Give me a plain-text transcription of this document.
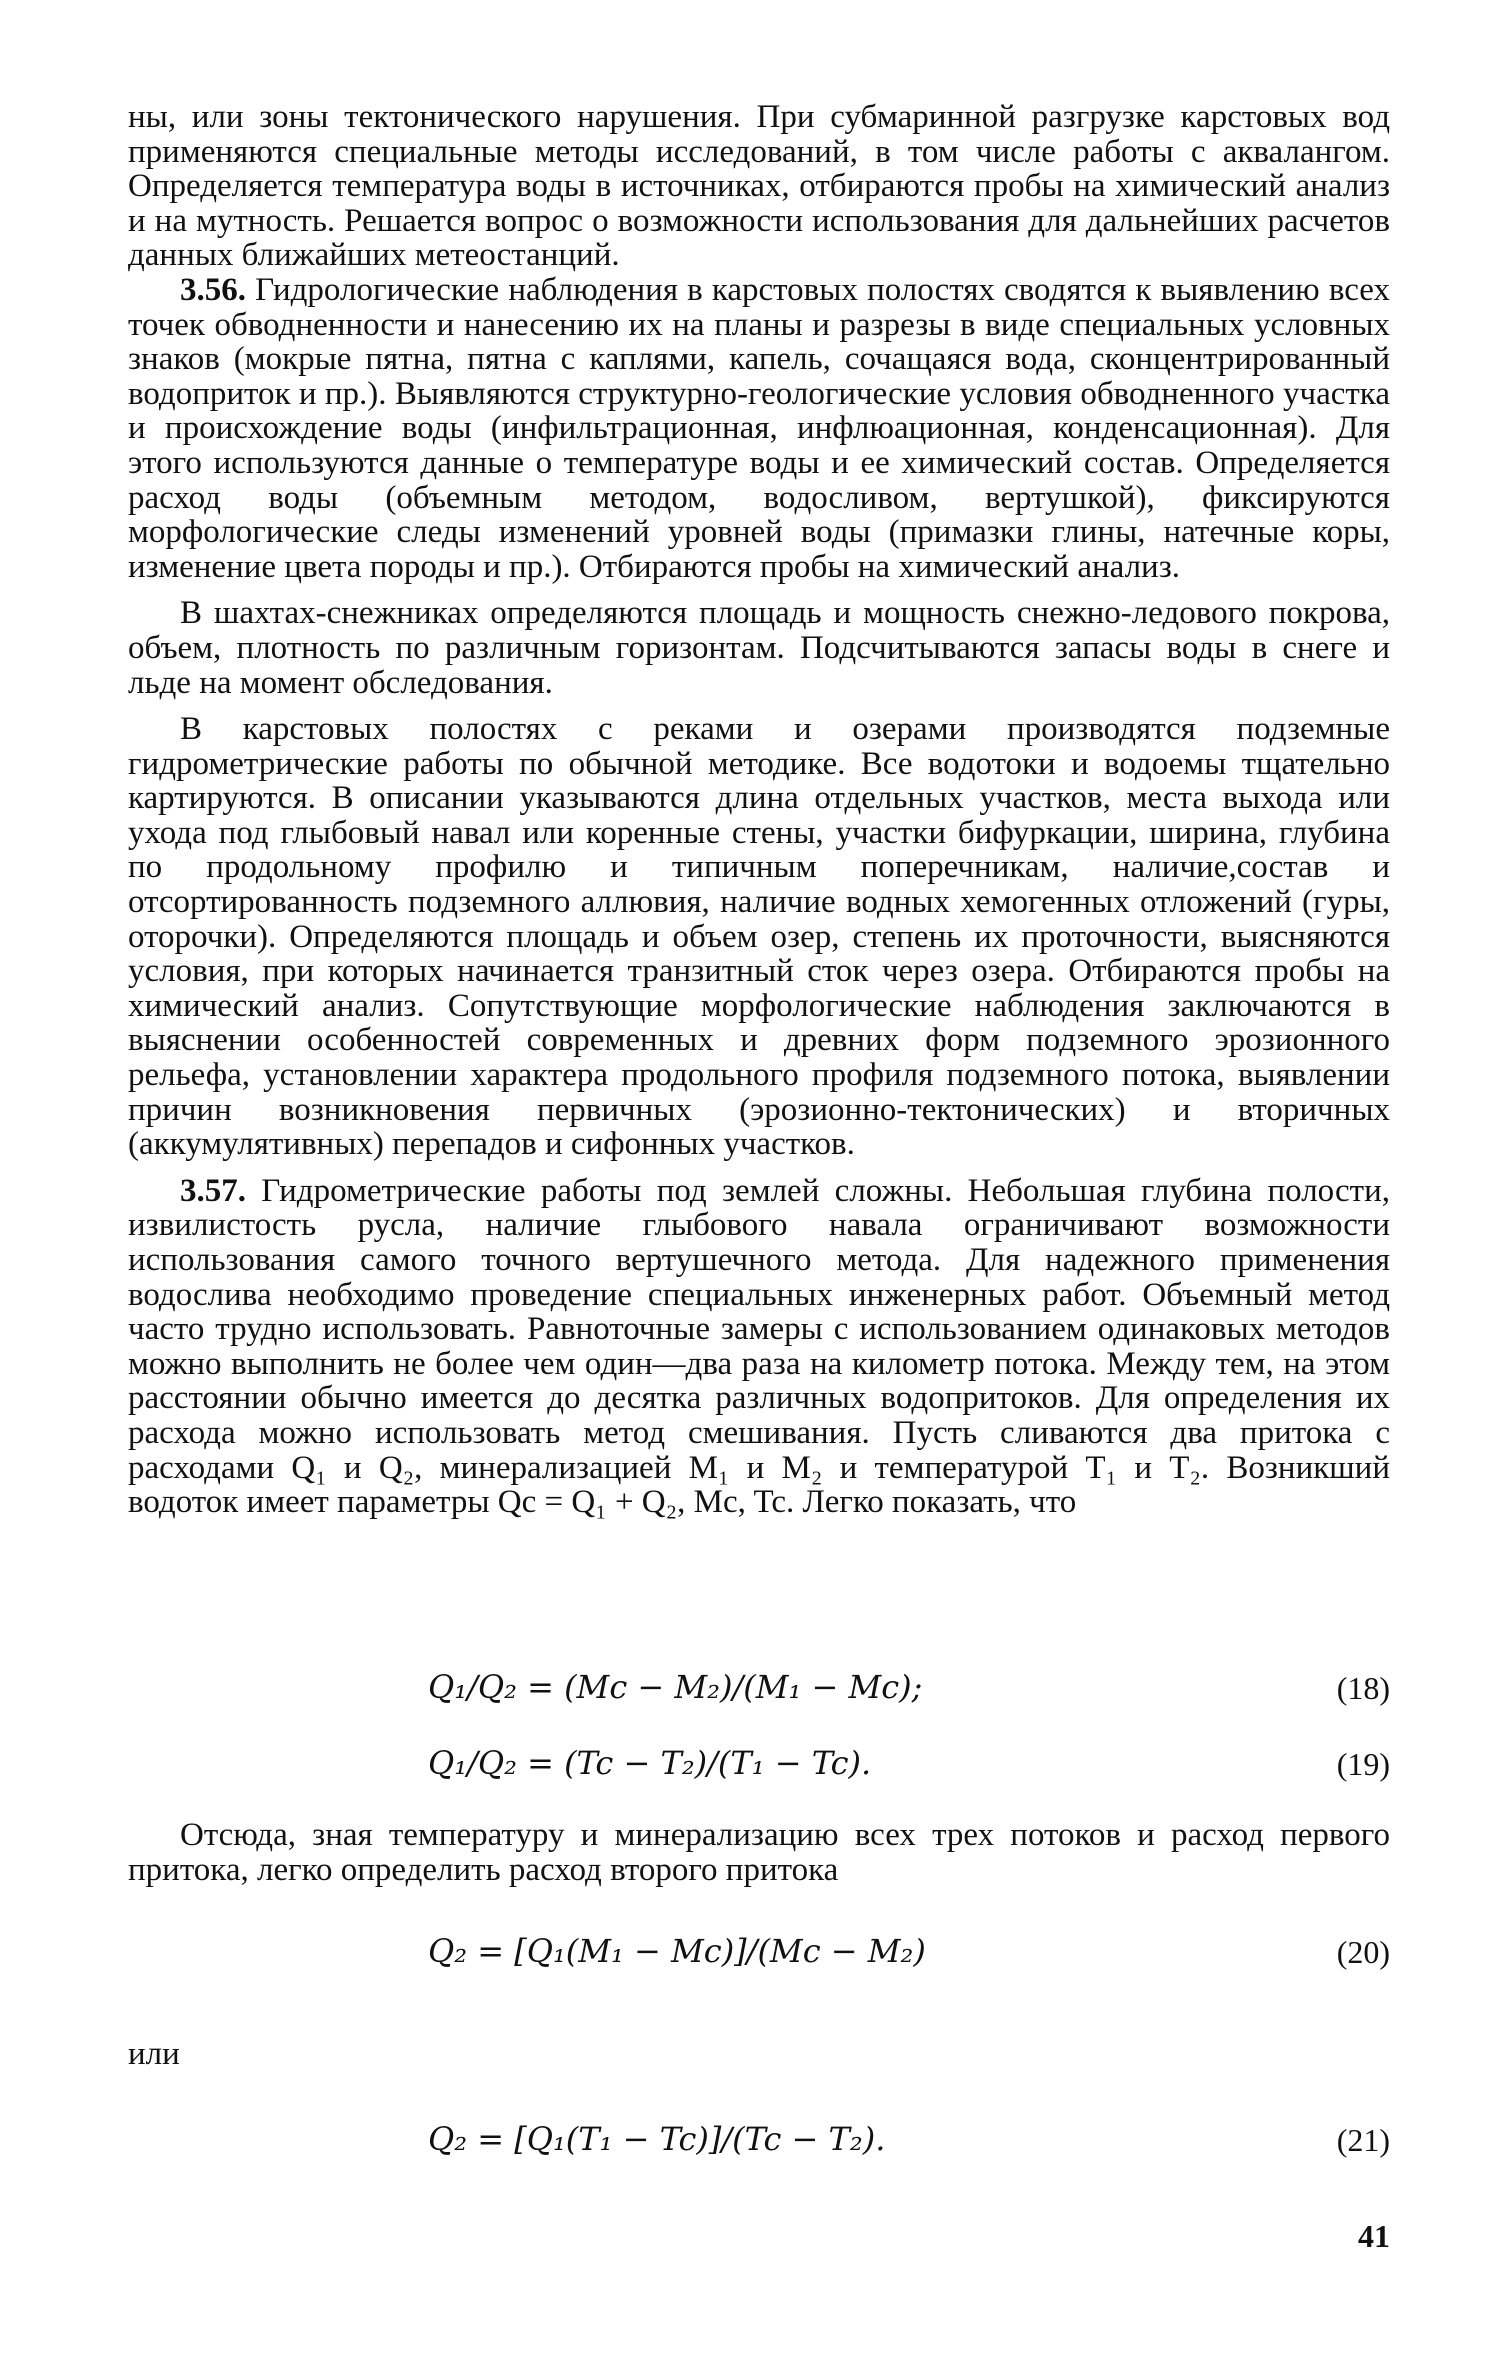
ны, или зоны тектонического нарушения. При субмаринной разгрузке карстовых вод применяются специальные методы исследований, в том числе работы с аквалангом. Определяется температура воды в источниках, отбираются пробы на химический анализ и на мутность. Решается вопрос о возможности использования для дальнейших расчетов данных ближайших метеостанций.

3.56. Гидрологические наблюдения в карстовых полостях сводятся к выявлению всех точек обводненности и нанесению их на планы и разрезы в виде специальных условных знаков (мокрые пятна, пятна с каплями, капель, сочащаяся вода, сконцентрированный водоприток и пр.). Выявляются структурно-геологические условия обводненного участка и происхождение воды (инфильтрационная, инфлюационная, конденсационная). Для этого используются данные о температуре воды и ее химический состав. Определяется расход воды (объемным методом, водосливом, вертушкой), фиксируются морфологические следы изменений уровней воды (примазки глины, натечные коры, изменение цвета породы и пр.). Отбираются пробы на химический анализ.

В шахтах-снежниках определяются площадь и мощность снежно-ледового покрова, объем, плотность по различным горизонтам. Подсчитываются запасы воды в снеге и льде на момент обследования.

В карстовых полостях с реками и озерами производятся подземные гидрометрические работы по обычной методике. Все водотоки и водоемы тщательно картируются. В описании указываются длина отдельных участков, места выхода или ухода под глыбовый навал или коренные стены, участки бифуркации, ширина, глубина по продольному профилю и типичным поперечникам, наличие,состав и отсортированность подземного аллювия, наличие водных хемогенных отложений (гуры, оторочки). Определяются площадь и объем озер, степень их проточности, выясняются условия, при которых начинается транзитный сток через озера. Отбираются пробы на химический анализ. Сопутствующие морфологические наблюдения заключаются в выяснении особенностей современных и древних форм подземного эрозионного рельефа, установлении характера продольного профиля подземного потока, выявлении причин возникновения первичных (эрозионно-тектонических) и вторичных (аккумулятивных) перепадов и сифонных участков.

3.57. Гидрометрические работы под землей сложны. Небольшая глубина полости, извилистость русла, наличие глыбового навала ограничивают возможности использования самого точного вертушечного метода. Для надежного применения водослива необходимо проведение специальных инженерных работ. Объемный метод часто трудно использовать. Равноточные замеры с использованием одинаковых методов можно выполнить не более чем один—два раза на километр потока. Между тем, на этом расстоянии обычно имеется до десятка различных водопритоков. Для определения их расхода можно использовать метод смешивания. Пусть сливаются два притока с расходами Q₁ и Q₂, минерализацией M₁ и M₂ и температурой T₁ и T₂. Возникший водоток имеет параметры Qc = Q₁ + Q₂, Mc, Tc. Легко показать, что

Q₁/Q₂ = (Mc − M₂)/(M₁ − Mc);	(18)
Q₁/Q₂ = (Tc − T₂)/(T₁ − Tc).	(19)

Отсюда, зная температуру и минерализацию всех трех потоков и расход первого притока, легко определить расход второго притока

Q₂ = [Q₁(M₁ − Mc)]/(Mc − M₂)	(20)
или
Q₂ = [Q₁(T₁ − Tc)]/(Tc − T₂).	(21)
41
